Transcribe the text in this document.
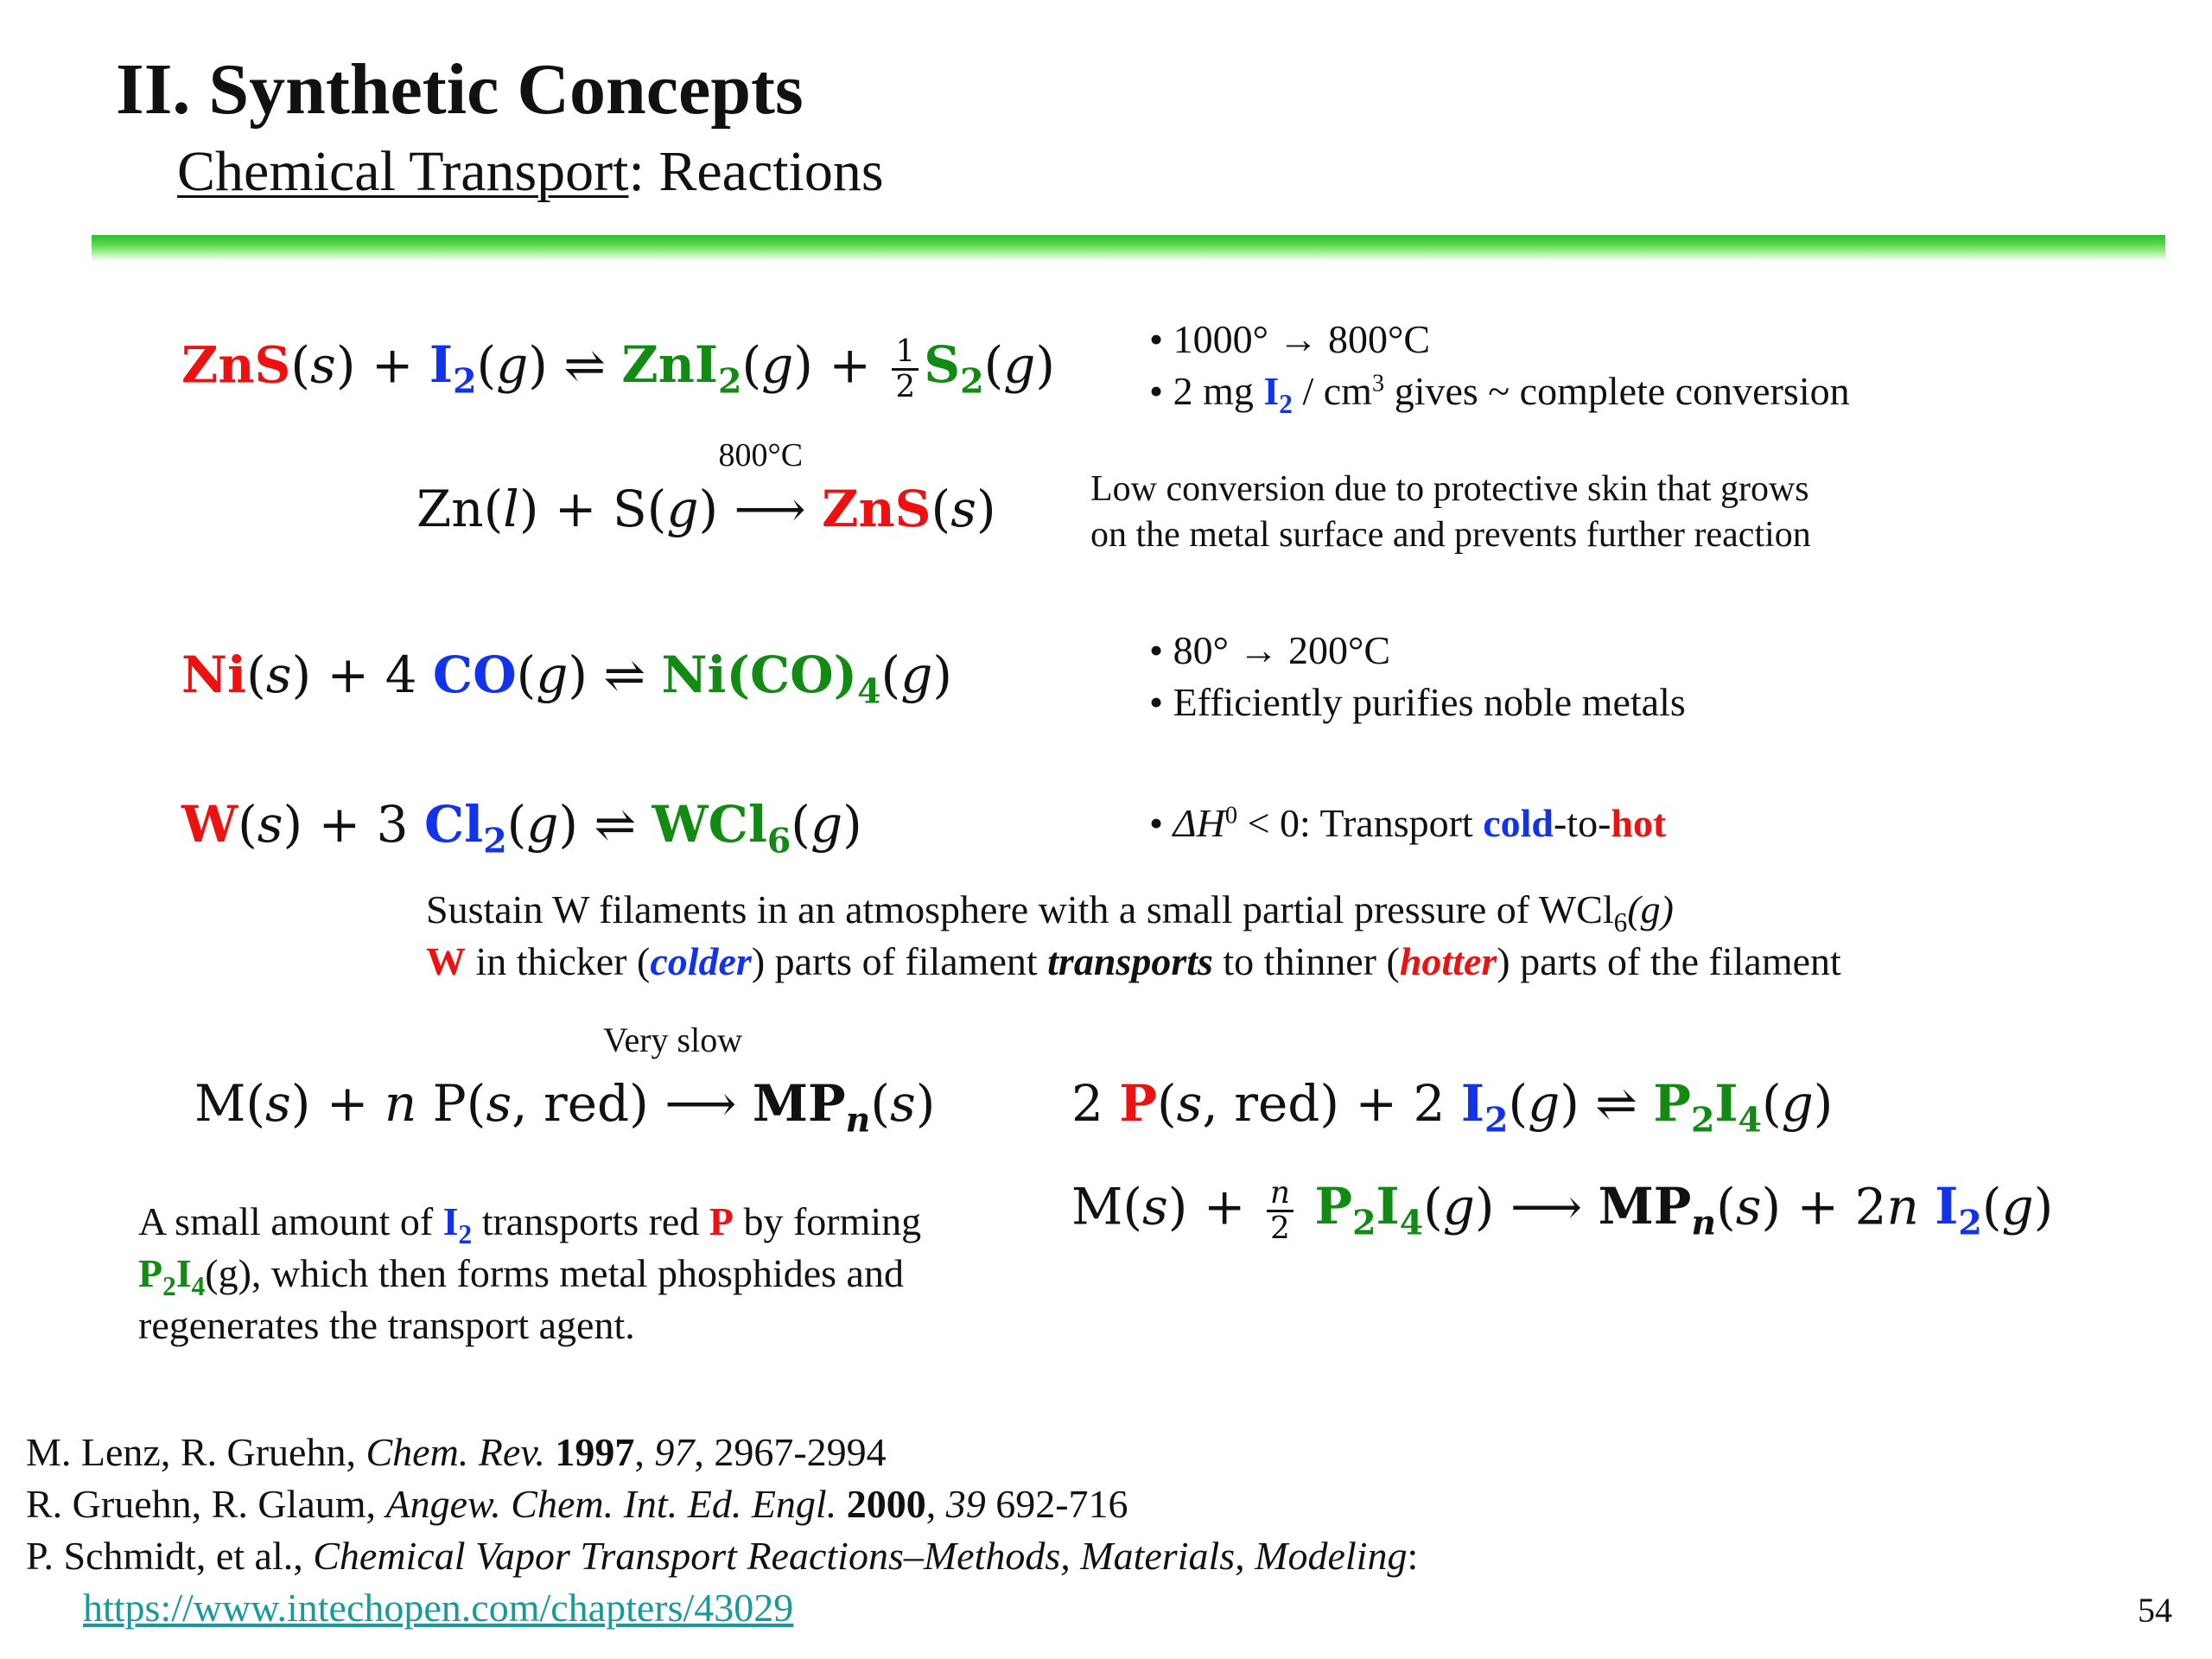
II. Synthetic Concepts
Chemical Transport: Reactions
$ZnS(s) + I_2(g)$ ⇌ $ZnI_2(g) + \frac{1}{2} S_2(g)$ • 1000° → 800°C
• 2 mg $I_2 / cm^3$ gives ~ complete conversion
Zn(l) + S(g) ⟶
800°C
ZnS(s)	Low conversion due to protective skin that grows
on the metal surface and prevents further reaction
Ni(s) + 4 CO(g) ⇌ $Ni(CO)_4(g)$	• 80° → 200°C
• Efficiently purifies noble metals
W(s) + 3 $Cl_2(g)$ ⇌ WCl$_6$(g)	• $\Delta H^0 < 0$: Transport cold-to-hot
Sustain W filaments in an atmosphere with a small partial pressure of WCl$_6$(g)
W in thicker (colder) parts of filament transports to thinner (hotter) parts of the filament
Very slow
M(s) + n P(s, red) ⟶ $MP_n(s)$	2 P(s, red) + 2 $I_2(g)$ ⇌ $P_2I_4(g)$
$M(s) + \frac{n}{2} P_2I_4(g)$ ⟶ $MP_n(s) + 2n$ $I_2(g)$
A small amount of $I_2$ transports red P by forming
$P_2I_4(g)$, which then forms metal phosphides and
regenerates the transport agent.
M. Lenz, R. Gruehn, Chem. Rev. 1997, 97, 2967-2994
R. Gruehn, R. Glaum, Angew. Chem. Int. Ed. Engl. 2000, 39 692-716
P. Schmidt, et al., Chemical Vapor Transport Reactions–Methods, Materials, Modeling:
https://www.intechopen.com/chapters/43029	54
